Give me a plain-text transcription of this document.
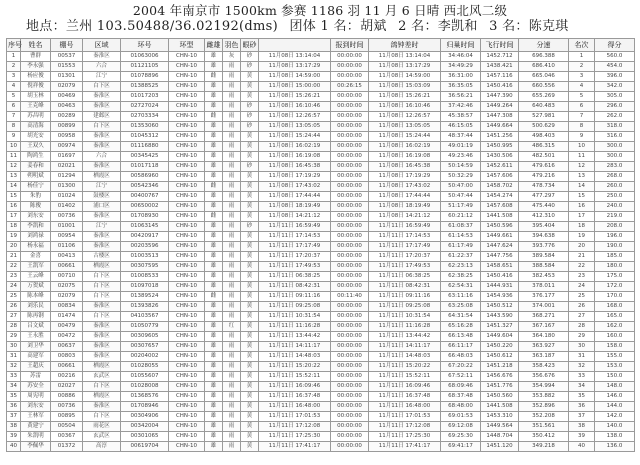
2004 年南京市 1500km 参赛 1186 羽 11 月 6 日晴 西北风二级
地点：兰州 103.50488/36.02192(dms) 团体 1 名：胡斌 2 名：李凯和 3 名：陈克琪
序号	姓名	棚号	区域	环号	环型	雌雄	羽色	眼砂		报到时间	鸽钟差时	归巢时间	飞行时间	分速	名次	得分
1	曹群	00537	秦淮区	01063006	CHN-10	雄	灰	砂	11月08日 13:14:04	00:00:00	11月08日 13:14:04	34:46:04	1452.712	696.388	1	560.0
2	李永强	01553	六合	01121105	CHN-10	雄	雨	砂	11月08日 13:17:29	00:00:00	11月08日 13:17:29	34:49:29	1438.421	686.410	2	454.0
3	杨应俊	01301	江宁	01078896	CHN-10	雌	雨	黄	11月08日 14:59:00	00:00:00	11月08日 14:59:00	36:31:00	1457.116	665.046	3	396.0
4	倪祥俊	02079	白下区	01388525	CHN-10	雄	雨	黄	11月08日 15:00:00	00:26:15	11月08日 15:03:09	36:35:05	1450.416	660.556	4	342.0
5	胡玉林	00469	秦淮区	01017203	CHN-10	雄	雨	黄	11月08日 15:26:21	00:00:00	11月08日 15:26:21	36:56:21	1447.390	655.269	5	305.0
6	王克峰	00463	秦淮区	02727024	CHN-10	雄	雨	砂	11月08日 16:10:46	00:00:00	11月08日 16:10:46	37:42:46	1449.264	640.483	6	296.0
7	苏昌明	00289	建邺区	02703334	CHN-10	雌	雨	砂	11月08日 12:26:57	00:00:00	11月08日 12:26:57	45:38:57	1447.308	527.981	7	262.0
8	高清海	00899	白下区	01353060	CHN-10	雄	雨	砂	11月08日 13:05:05	00:00:00	11月08日 13:05:05	46:15:05	1449.664	500.629	8	318.0
9	胡光安	00958	秦淮区	01045312	CHN-10	雄	雨	黄	11月08日 15:24:44	00:00:00	11月08日 15:24:44	48:37:44	1451.256	498.403	9	316.0
10	王双久	00974	秦淮区	01116880	CHN-10	雄	雨	黄	11月08日 16:02:19	00:00:00	11月08日 16:02:19	49:01:19	1450.995	486.315	10	300.0
11	陶鸿生	01697	六合	00345425	CHN-10	雄	雨	黄	11月08日 16:19:08	00:00:00	11月08日 16:19:08	49:23:46	1430.506	482.501	11	300.0
12	姜春和	02021	秦淮区	01017118	CHN-10	雄	雨	砂	11月08日 16:45:38	00:00:00	11月08日 16:45:38	50:14:59	1452.611	479.616	12	283.0
13	朔明斌	01294	栖霞区	00586960	CHN-10	雄	雨	黄	11月08日 17:19:29	00:00:00	11月08日 17:19:29	50:32:29	1457.606	479.216	13	268.0
14	杨佳宁	01300	江宁	00542346	CHN-10	雌	雨	黄	11月08日 17:43:02	00:00:00	11月08日 17:43:02	50:47:00	1458.702	478.734	14	260.0
15	朱豹	01024	鼓楼区	00400767	CHN-10	雄	雨	黄	11月08日 17:44:44	00:00:00	11月08日 17:44:44	50:47:44	1454.274	477.297	15	250.0
16	陈俊	01402	浦口区	00650002	CHN-10	雄	雨	黄	11月08日 18:19:49	00:00:00	11月08日 18:19:49	51:17:49	1457.608	475.440	16	240.0
17	刘东安	00736	秦淮区	01708930	CHN-10	雌	雨	黄	11月08日 14:21:12	00:00:00	11月08日 14:21:12	60:21:12	1441.508	412.310	17	219.0
18	李凯和	01001	江宁	01063145	CHN-10	雄	雨	砂	11月11日 16:59:49	00:00:00	11月11日 16:59:49	61:08:37	1450.596	395.404	18	208.0
19	刘鸿禄	00954	秦淮区	00420917	CHN-10	雄	雨	黄	11月11日 17:14:53	00:00:00	11月11日 17:14:53	61:14:53	1449.661	394.638	19	196.0
20	杨永福	01106	秦淮区	00203596	CHN-10	雄	雨	黄	11月11日 17:17:49	00:00:00	11月11日 17:17:49	61:17:49	1447.624	393.776	20	190.0
21	金喜	00413	古楼区	01003513	CHN-10	雄	雨	黄	11月11日 17:20:37	00:00:00	11月11日 17:20:37	61:22:37	1447.756	389.584	21	185.0
22	王凯军	00661	栖霞区	00307595	CHN-10	雄	雨	黄	11月11日 17:49:53	00:00:00	11月11日 17:49:53	62:23:13	1458.651	388.584	22	180.0
23	王云峰	00710	白下区	01008533	CHN-10	雄	雨	黄	11月11日 06:38:25	00:00:00	11月11日 06:38:25	62:38:25	1450.416	382.453	23	175.0
24	万贺斌	02075	白下区	01097018	CHN-10	雄	雨	黄	11月11日 08:42:31	00:00:00	11月11日 08:42:31	62:54:31	1444.931	378.011	24	172.0
25	陈本峰	02079	白下区	01389524	CHN-10	雌	雨	黄	11月11日 09:11:16	00:11:40	11月11日 09:11:16	63:11:16	1454.936	376.177	25	170.0
26	刘乐民	00834	秦淮区	01393826	CHN-10	雄	雨	黄	11月11日 09:25:08	00:00:00	11月11日 09:25:08	63:25:08	1450.512	374.001	26	168.0
27	陈再钢	01474	白下区	04103567	CHN-10	雄	雨	黄	11月11日 10:31:54	00:00:00	11月11日 10:31:54	64:31:54	1443.590	368.271	27	165.0
28	吕文斌	00479	秦淮区	01050779	CHN-10	雄	红	黄	11月11日 11:16:28	00:00:00	11月11日 11:16:28	65:16:28	1451.327	367.167	28	162.0
29	王永胜	00472	秦淮区	00309605	CHN-10	雄	雨	黄	11月11日 13:44:42	00:00:00	11月11日 13:44:42	66:13:48	1449.604	364.180	29	160.0
30	刘卫华	00637	秦淮区	00307657	CHN-10	雄	雨	黄	11月11日 14:11:17	00:00:00	11月11日 14:11:17	66:11:17	1450.220	363.927	30	158.0
31	高建军	00803	秦淮区	00204002	CHN-10	雄	雨	黄	11月11日 14:48:03	00:00:00	11月11日 14:48:03	66:48:03	1450.612	363.187	31	155.0
32	王超庆	00661	栖霞区	01028055	CHN-10	雄	雨	黄	11月11日 15:20:22	00:00:00	11月11日 15:20:22	67:20:22	1451.218	358.423	32	153.0
33	苏雷	00216	玄武区	01055607	CHN-10	雄	雨	黄	11月11日 15:52:11	00:00:00	11月11日 15:52:11	67:52:11	1456.676	356.676	33	150.0
34	苏安全	02027	白下区	01028008	CHN-10	雄	雨	黄	11月11日 16:09:46	00:00:00	11月11日 16:09:46	68:09:46	1451.776	354.994	34	148.0
35	周宪明	00886	栖霞区	01368576	CHN-10	雄	雨	黄	11月11日 16:37:48	00:00:00	11月11日 16:37:48	68:37:48	1450.560	353.882	35	146.0
36	刘东安	00736	秦淮区	01708946	CHN-10	雄	雨	黄	11月11日 16:48:00	00:00:00	11月11日 16:48:00	68:48:00	1441.508	352.896	36	144.0
37	王林军	00895	白下区	00304906	CHN-10	雄	雨	黄	11月11日 17:01:53	00:00:00	11月11日 17:01:53	69:01:53	1453.310	352.208	37	142.0
38	黄建宁	00504	雨花区	00342004	CHN-10	雄	雨	黄	11月11日 17:12:08	00:00:00	11月11日 17:12:08	69:12:08	1449.564	351.561	38	140.0
39	朱凯明	00367	玄武区	00301065	CHN-10	雄	雨	黄	11月11日 17:25:30	00:00:00	11月11日 17:25:30	69:25:30	1448.704	350.412	39	138.0
40	李佩华	01372	高淳	00619704	CHN-10	雄	雨	黄	11月11日 17:41:17	00:00:00	11月11日 17:41:17	69:41:17	1451.120	349.218	40	136.0
